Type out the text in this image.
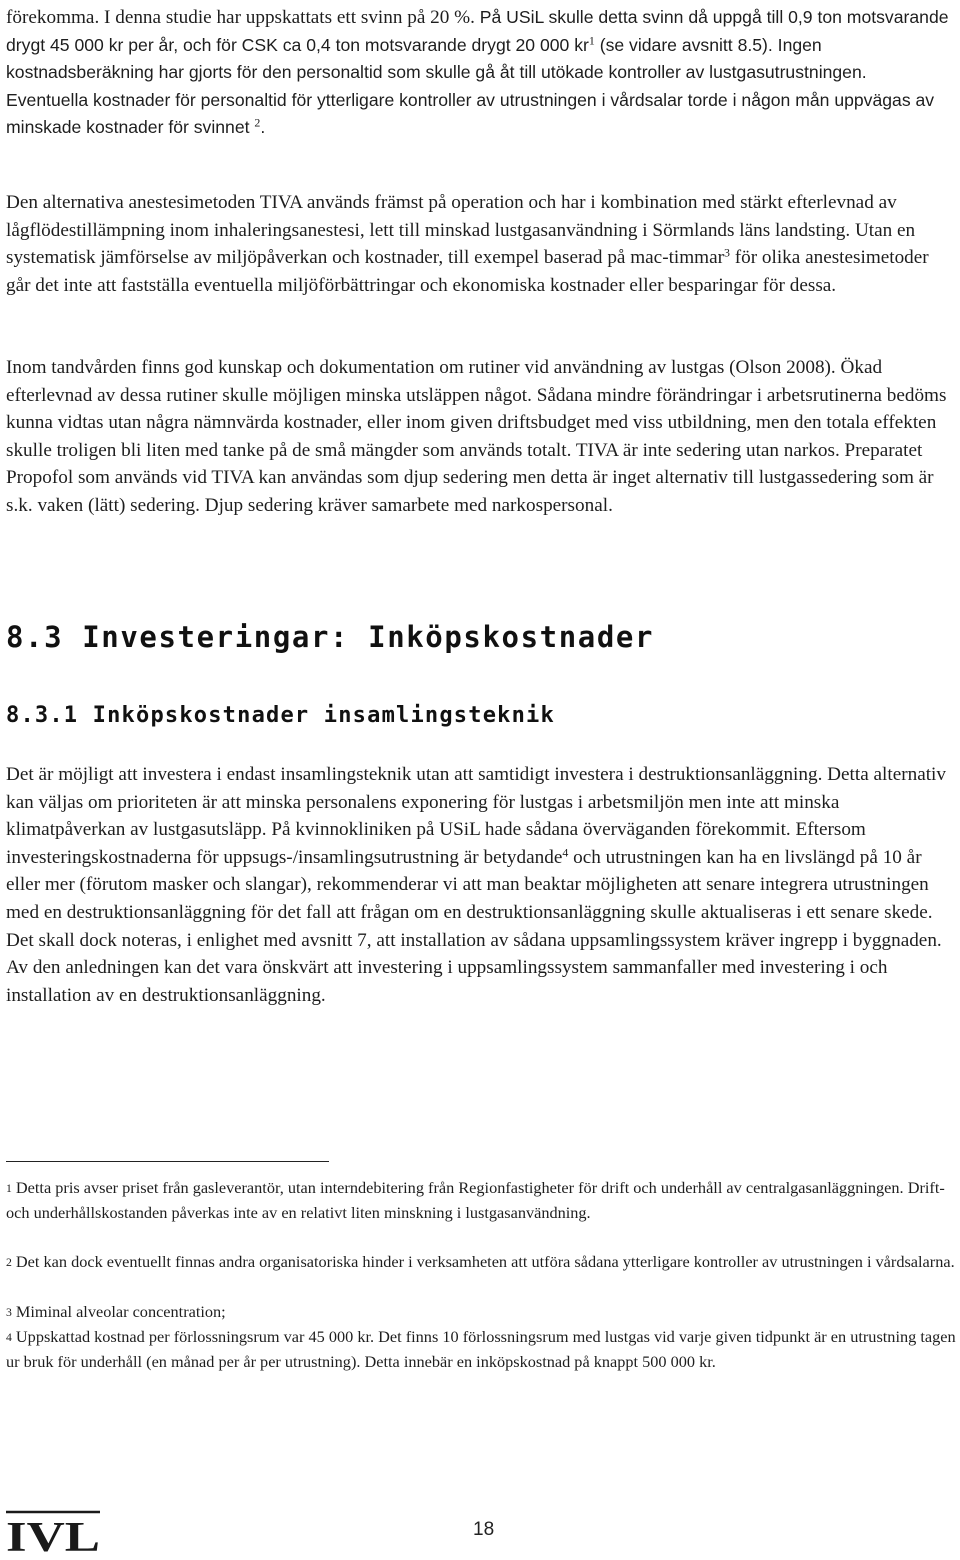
förekomma. I denna studie har uppskattats ett svinn på 20 %. På USiL skulle detta svinn då uppgå till 0,9 ton motsvarande drygt 45 000 kr per år, och för CSK ca 0,4 ton motsvarande drygt 20 000 $kr^1$ (se vidare avsnitt 8.5). Ingen kostnadsberäkning har gjorts för den personaltid som skulle gå åt till utökade kontroller av lustgasutrustningen. Eventuella kostnader för personaltid för ytterligare kontroller av utrustningen i vårdsalar torde i någon mån uppvägas av minskade kostnader för svinnet $^2$.

Den alternativa anestesimetoden TIVA används främst på operation och har i kombination med stärkt efterlevnad av lågflödestillämpning inom inhaleringsanestesi, lett till minskad lustgasanvändning i Sörmlands läns landsting. Utan en systematisk jämförselse av miljöpåverkan och kostnader, till exempel baserad på mac-timmar$^3$ för olika anestesimetoder går det inte att fastställa eventuella miljöförbättringar och ekonomiska kostnader eller besparingar för dessa.

Inom tandvården finns god kunskap och dokumentation om rutiner vid användning av lustgas (Olson 2008). Ökad efterlevnad av dessa rutiner skulle möjligen minska utsläppen något. Sådana mindre förändringar i arbetsrutinerna bedöms kunna vidtas utan några nämnvärda kostnader, eller inom given driftsbudget med viss utbildning, men den totala effekten skulle troligen bli liten med tanke på de små mängder som används totalt. TIVA är inte sedering utan narkos. Preparatet Propofol som används vid TIVA kan användas som djup sedering men detta är inget alternativ till lustgassedering som är s.k. vaken (lätt) sedering. Djup sedering kräver samarbete med narkospersonal.

8.3 Investeringar: Inköpskostnader
8.3.1 Inköpskostnader insamlingsteknik

Det är möjligt att investera i endast insamlingsteknik utan att samtidigt investera i destruktionsanläggning. Detta alternativ kan väljas om prioriteten är att minska personalens exponering för lustgas i arbetsmiljön men inte att minska klimatpåverkan av lustgasutsläpp. På kvinnokliniken på USiL hade sådana överväganden förekommit. Eftersom investeringskostnaderna för uppsugs-/insamlingsutrustning är betydande$^4$ och utrustningen kan ha en livslängd på 10 år eller mer (förutom masker och slangar), rekommenderar vi att man beaktar möjligheten att senare integrera utrustningen med en destruktionsanläggning för det fall att frågan om en destruktionsanläggning skulle aktualiseras i ett senare skede. Det skall dock noteras, i enlighet med avsnitt 7, att installation av sådana uppsamlingssystem kräver ingrepp i byggnaden. Av den anledningen kan det vara önskvärt att investering i uppsamlingssystem sammanfaller med investering i och installation av en destruktionsanläggning.

1 Detta pris avser priset från gasleverantör, utan interndebitering från Regionfastigheter för drift och underhåll av centralgasanläggningen. Drift- och underhållskostanden påverkas inte av en relativt liten minskning i lustgasanvändning.

2 Det kan dock eventuellt finnas andra organisatoriska hinder i verksamheten att utföra sådana ytterligare kontroller av utrustningen i vårdsalarna.

3 Miminal alveolar concentration;

4 Uppskattad kostnad per förlossningsrum var 45 000 kr. Det finns 10 förlossningsrum med lustgas vid varje given tidpunkt är en utrustning tagen ur bruk för underhåll (en månad per år per utrustning). Detta innebär en inköpskostnad på knappt 500 000 kr.

IVL	18
